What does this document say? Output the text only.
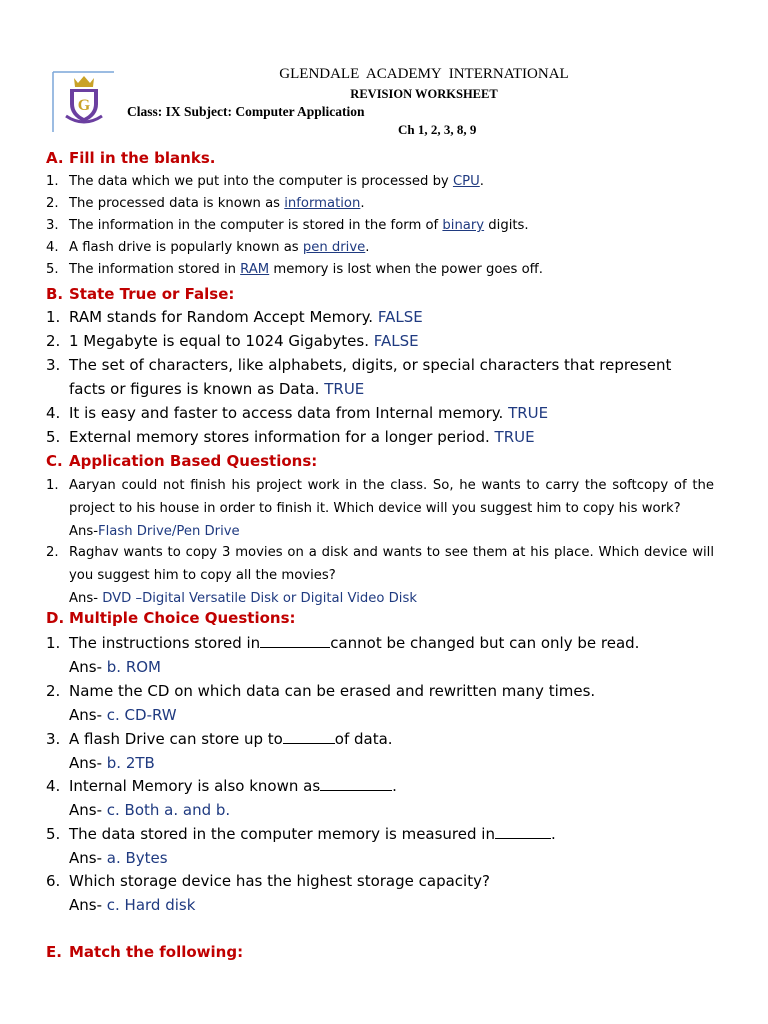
G
GLENDALE  ACADEMY  INTERNATIONAL
REVISION WORKSHEET
Class: IX Subject: Computer Application
Ch 1, 2, 3, 8, 9
A. Fill in the blanks.
1. The data which we put into the computer is processed by CPU.
2. The processed data is known as information.
3. The information in the computer is stored in the form of binary digits.
4. A flash drive is popularly known as pen drive.
5. The information stored in RAM memory is lost when the power goes off.
B. State True or False:
1. RAM stands for Random Accept Memory. FALSE
2. 1 Megabyte is equal to 1024 Gigabytes. FALSE
3. The set of characters, like alphabets, digits, or special characters that represent facts or figures is known as Data. TRUE
4. It is easy and faster to access data from Internal memory. TRUE
5. External memory stores information for a longer period. TRUE
C. Application Based Questions:
1. Aaryan could not finish his project work in the class. So, he wants to carry the softcopy of the project to his house in order to finish it. Which device will you suggest him to copy his work?
Ans-Flash Drive/Pen Drive
2. Raghav wants to copy 3 movies on a disk and wants to see them at his place. Which device will you suggest him to copy all the movies?
Ans- DVD –Digital Versatile Disk or Digital Video Disk
D. Multiple Choice Questions:
1. The instructions stored in	cannot be changed but can only be read.
Ans- b. ROM
2. Name the CD on which data can be erased and rewritten many times.
Ans- c. CD-RW
3. A flash Drive can store up to	of data.
Ans- b. 2TB
4. Internal Memory is also known as	.
Ans- c. Both a. and b.
5. The data stored in the computer memory is measured in	.
Ans- a. Bytes
6. Which storage device has the highest storage capacity?
Ans- c. Hard disk
E. Match the following:
